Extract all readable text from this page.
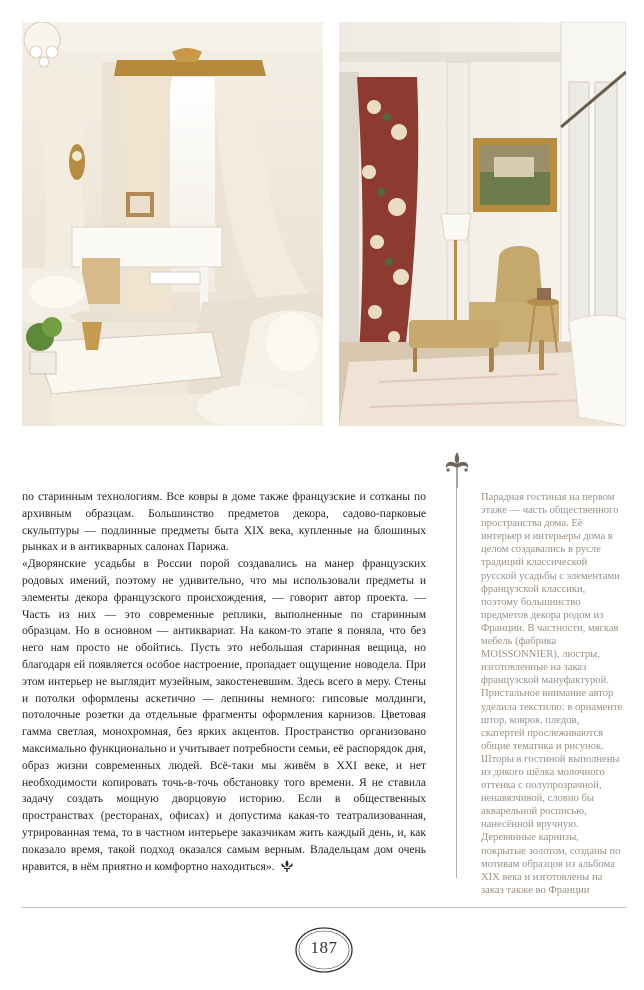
по старинным технологиям. Все ковры в доме также французские и сотканы по архивным образцам. Большинство предметов декора, садово-парковые скульптуры — подлинные предметы быта XIX века, купленные на блошиных рынках и в антикварных салонах Парижа.

«Дворянские усадьбы в России порой создавались на манер французских родовых имений, поэтому не удивительно, что мы использовали предметы и элементы декора французского происхождения, — говорит автор проекта. — Часть из них — это современные реплики, выполненные по старинным образцам. Но в основном — антиквариат. На каком-то этапе я поняла, что без него нам просто не обойтись. Пусть это небольшая старинная вещица, но благодаря ей появляется особое настроение, пропадает ощущение новодела. При этом интерьер не выглядит музейным, закостеневшим. Здесь всего в меру. Стены и потолки оформлены аскетично — лепнины немного: гипсовые молдинги, потолочные розетки да отдельные фрагменты оформления карнизов. Цветовая гамма светлая, монохромная, без ярких акцентов. Пространство организовано максимально функционально и учитывает потребности семьи, её распорядок дня, образ жизни современных людей. Всё-таки мы живём в XXI веке, и нет необходимости копировать точь-в-точь обстановку того времени. Я не ставила задачу создать мощную дворцовую историю. Если в общественных пространствах (ресторанах, офисах) и допустима какая-то театрализованная, утрированная тема, то в частном интерьере заказчикам жить каждый день, и, как показало время, такой подход оказался самым верным. Владельцам дом очень нравится, в нём приятно и комфортно находиться».

Парадная гостиная на первом этаже — часть общественного пространства дома. Её интерьер и интерьеры дома в целом создавались в русле традиций классической русской усадьбы с элементами французской классики, поэтому большинство предметов декора родом из Франции. В частности, мягкая мебель (фабрика MOISSONNIER), люстры, изготовленные на заказ французской мануфактурой. Пристальное внимание автор уделила текстилю: в орнаменте штор, ковров, пледов, скатертей прослеживаются общие тематика и рисунок. Шторы в гостиной выполнены из дикого шёлка молочного оттенка с полупрозрачной, ненавязчивой, словно бы акварельной росписью, нанесённой вручную. Деревянные карнизы, покрытые золотом, созданы по мотивам образцов из альбома XIX века и изготовлены на заказ также во Франции
187
